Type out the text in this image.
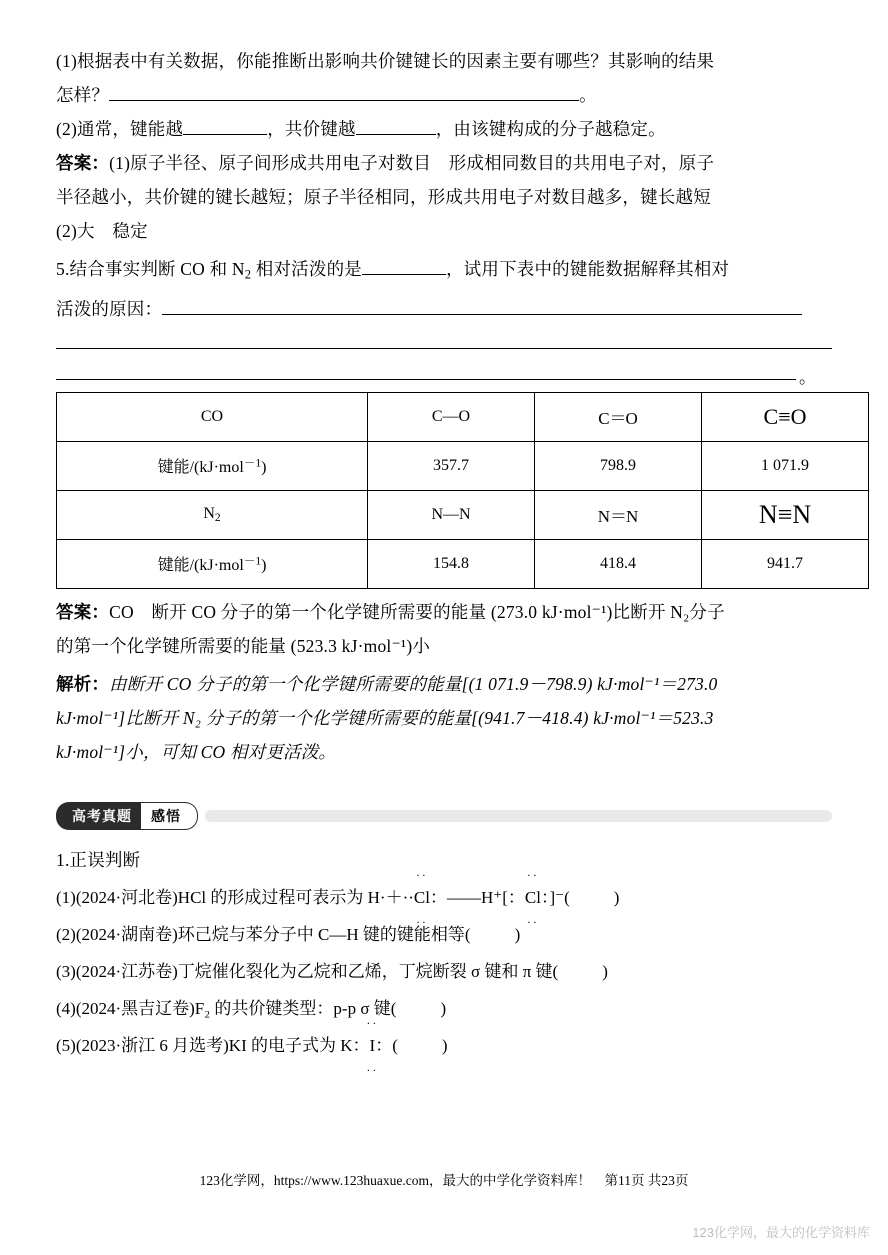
(1)根据表中有关数据，你能推断出影响共价键键长的因素主要有哪些？其影响的结果
怎样？	。
(2)通常，键能越	，共价键越	，由该键构成的分子越稳定。
答案：(1)原子半径、原子间形成共用电子对数目　形成相同数目的共用电子对，原子
半径越小，共价键的键长越短；原子半径相同，形成共用电子对数目越多，键长越短
(2)大　稳定
5.结合事实判断 CO 和 $N_2$ 相对活泼的是	，试用下表中的键能数据解释其相对
活泼的原因：
。
CO	C—O	C＝O	C≡O
键能/(kJ·mol$^{-1}$)	357.7	798.9	1 071.9
$N_2$	N—N	N＝N	N≡N
键能/(kJ·mol$^{-1}$)	154.8	418.4	941.7
答案：CO　断开 CO 分子的第一个化学键所需要的能量 (273.0 kJ·mol⁻¹)比断开 N₂分子
的第一个化学键所需要的能量 (523.3 kJ·mol⁻¹)小
解析：由断开 CO 分子的第一个化学键所需要的能量[(1 071.9－798.9) kJ·mol⁻¹＝273.0
kJ·mol⁻¹]比断开 N₂ 分子的第一个化学键所需要的能量[(941.7－418.4) kJ·mol⁻¹＝523.3
kJ·mol⁻¹]小，可知 CO 相对更活泼。
高考真题	感悟
1.正误判断
(1)(2024·河北卷)HCl 的形成过程可表示为 H·＋··
··
Cl
··
：——H⁺[：
··
Cl
··
：]⁻(	)
(2)(2024·湖南卷)环己烷与苯分子中 C—H 键的键能相等(	)
(3)(2024·江苏卷)丁烷催化裂化为乙烷和乙烯，丁烷断裂 σ 键和 π 键(	)
(4)(2024·黑吉辽卷)F₂ 的共价键类型：p-p σ 键(	)
(5)(2023·浙江 6 月选考)KI 的电子式为 K：
··
I
··
：(	)
123化学网，https://www.123huaxue.com，最大的中学化学资料库！　第11页 共23页
123化学网，最大的化学资料库
